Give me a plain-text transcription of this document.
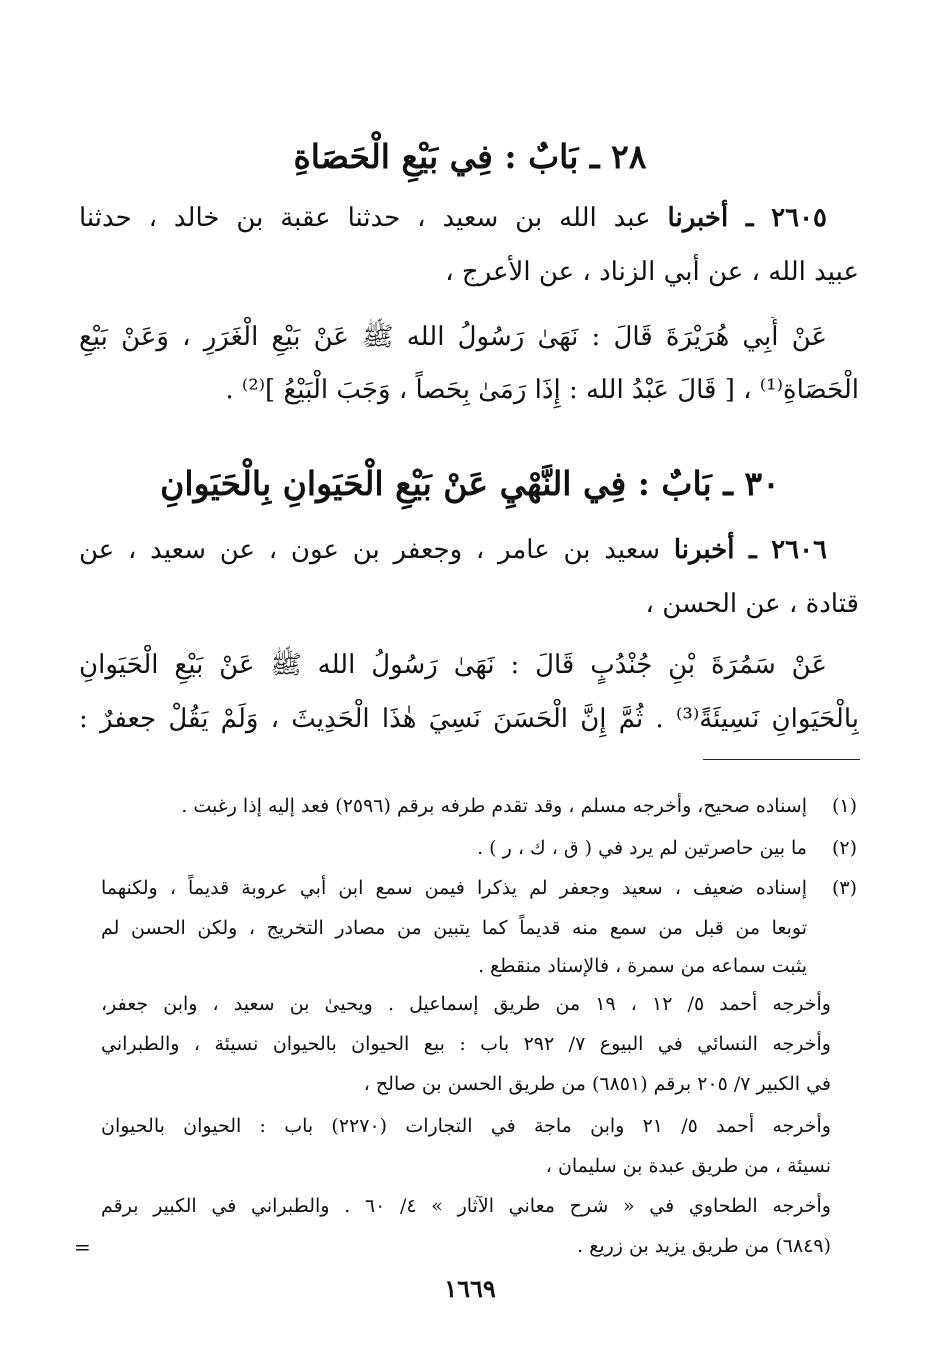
٢٨ ـ بَابٌ : فِي بَيْعِ الْحَصَاةِ

٢٦٠٥ ـ أخبرنا عبد الله بن سعيد ، حدثنا عقبة بن خالد ، حدثنا

عبيد الله ، عن أبي الزناد ، عن الأعرج ،

عَنْ أَبِي هُرَيْرَةَ قَالَ : نَهَىٰ رَسُولُ الله ﷺ عَنْ بَيْعِ الْغَرَرِ ، وَعَنْ بَيْعِ

الْحَصَاةِ⁽¹⁾ ، [ قَالَ عَبْدُ الله : إِذَا رَمَىٰ بِحَصاً ، وَجَبَ الْبَيْعُ ]⁽²⁾ .

٣٠ ـ بَابٌ : فِي النَّهْيِ عَنْ بَيْعِ الْحَيَوانِ بِالْحَيَوانِ

٢٦٠٦ ـ أخبرنا سعيد بن عامر ، وجعفر بن عون ، عن سعيد ، عن

قتادة ، عن الحسن ،

عَنْ سَمُرَةَ بْنِ جُنْدُبٍ قَالَ : نَهَىٰ رَسُولُ الله ﷺ عَنْ بَيْعِ الْحَيَوانِ

بِالْحَيَوانِ نَسِيئَةً⁽³⁾ . ثُمَّ إِنَّ الْحَسَنَ نَسِيَ هٰذَا الْحَدِيثَ ، وَلَمْ يَقُلْ جعفرٌ :

(١)

إسناده صحيح، وأخرجه مسلم ، وقد تقدم طرفه برقم (٢٥٩٦) فعد إليه إذا رغبت .

(٢)

ما بين حاصرتين لم يرد في ( ق ، ك ، ر ) .

(٣)

إسناده ضعيف ، سعيد وجعفر لم يذكرا فيمن سمع ابن أبي عروبة قديماً ، ولكنهما

توبعا من قبل من سمع منه قديماً كما يتبين من مصادر التخريج ، ولكن الحسن لم

يثبت سماعه من سمرة ، فالإسناد منقطع .

وأخرجه أحمد ٥/ ١٢ ، ١٩ من طريق إسماعيل . ويحيىٰ بن سعيد ، وابن جعفر،

وأخرجه النسائي في البيوع ٧/ ٢٩٢ باب : بيع الحيوان بالحيوان نسيئة ، والطبراني

في الكبير ٧/ ٢٠٥ برقم (٦٨٥١) من طريق الحسن بن صالح ،

وأخرجه أحمد ٥/ ٢١ وابن ماجة في التجارات (٢٢٧٠) باب : الحيوان بالحيوان

نسيئة ، من طريق عبدة بن سليمان ،

وأخرجه الطحاوي في « شرح معاني الآثار » ٤/ ٦٠ . والطبراني في الكبير برقم

(٦٨٤٩) من طريق يزيد بن زريع .

=

١٦٦٩
